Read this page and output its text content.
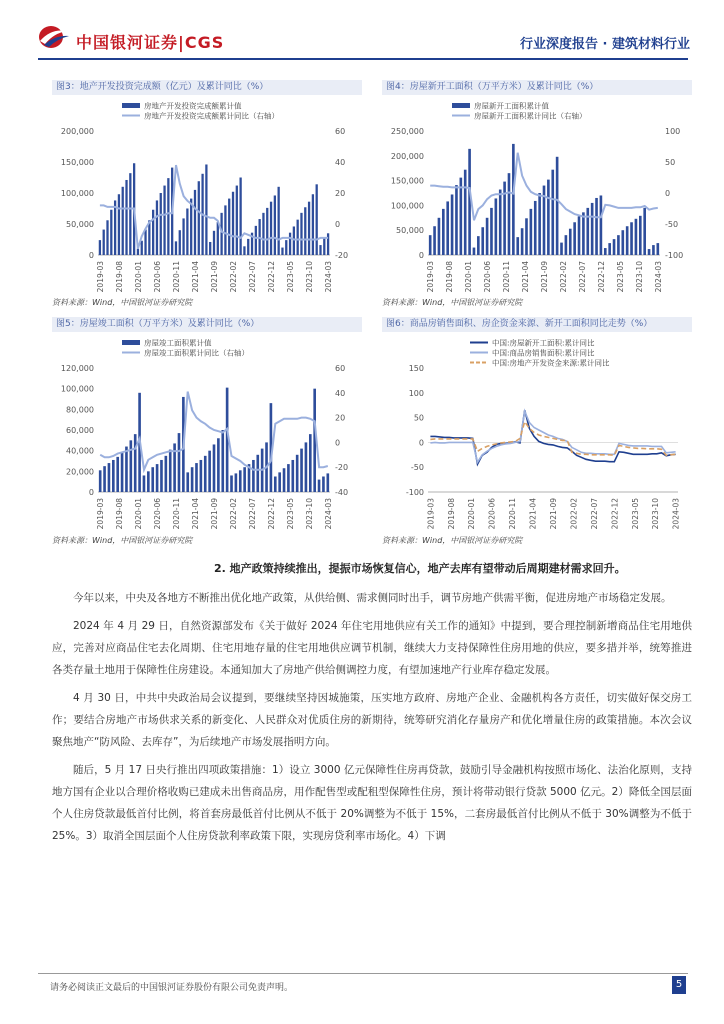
中国银河证券|CGS	行业深度报告 · 建筑材料行业
图3：地产开发投资完成额（亿元）及累计同比（%）
0
50,000
100,000
150,000
200,000
-20
0
20
40
60
2019-03 2019-08 2020-01 2020-06 2020-11 2021-04 2021-09 2022-02 2022-07 2022-12 2023-05 2023-10 2024-03
房地产开发投资完成额累计值
房地产开发投资完成额累计同比（右轴）
资料来源：Wind，中国银河证券研究院
图4：房屋新开工面积（万平方米）及累计同比（%）
0
50,000
100,000
150,000
200,000
250,000
-100
-50
0
50
100
2019-03 2019-08 2020-01 2020-06 2020-11 2021-04 2021-09 2022-02 2022-07 2022-12 2023-05 2023-10 2024-03
房屋新开工面积累计值
房屋新开工面积累计同比（右轴）
资料来源：Wind，中国银河证券研究院
图5：房屋竣工面积（万平方米）及累计同比（%）
0
20,000
40,000
60,000
80,000
100,000
120,000
-40
-20
0
20
40
60
2019-03 2019-08 2020-01 2020-06 2020-11 2021-04 2021-09 2022-02 2022-07 2022-12 2023-05 2023-10 2024-03
房屋竣工面积累计值
房屋竣工面积累计同比（右轴）
资料来源：Wind，中国银河证券研究院
图6：商品房销售面积、房企资金来源、新开工面积同比走势（%）
-100
-50
0
50
100
150
2019-03 2019-08 2020-01 2020-06 2020-11 2021-04 2021-09 2022-02 2022-07 2022-12 2023-05 2023-10 2024-03
中国:房屋新开工面积:累计同比
中国:商品房销售面积:累计同比
中国:房地产开发资金来源:累计同比
资料来源：Wind，中国银河证券研究院
2. 地产政策持续推出，提振市场恢复信心，地产去库有望带动后周期建材需求回升。

今年以来，中央及各地方不断推出优化地产政策，从供给侧、需求侧同时出手，调节房地产供需平衡，促进房地产市场稳定发展。

2024 年 4 月 29 日，自然资源部发布《关于做好 2024 年住宅用地供应有关工作的通知》中提到，要合理控制新增商品住宅用地供应，完善对应商品住宅去化周期、住宅用地存量的住宅用地供应调节机制，继续大力支持保障性住房用地的供应，要多措并举，统筹推进各类存量土地用于保障性住房建设。本通知加大了房地产供给侧调控力度，有望加速地产行业库存稳定发展。

4 月 30 日，中共中央政治局会议提到，要继续坚持因城施策，压实地方政府、房地产企业、金融机构各方责任，切实做好保交房工作；要结合房地产市场供求关系的新变化、人民群众对优质住房的新期待，统筹研究消化存量房产和优化增量住房的政策措施。本次会议聚焦地产“防风险、去库存”，为后续地产市场发展指明方向。

随后，5 月 17 日央行推出四项政策措施：1）设立 3000 亿元保障性住房再贷款，鼓励引导金融机构按照市场化、法治化原则，支持地方国有企业以合理价格收购已建成未出售商品房，用作配售型或配租型保障性住房，预计将带动银行贷款 5000 亿元。2）降低全国层面个人住房贷款最低首付比例，将首套房最低首付比例从不低于 20%调整为不低于 15%，二套房最低首付比例从不低于 30%调整为不低于 25%。3）取消全国层面个人住房贷款利率政策下限，实现房贷利率市场化。4）下调

请务必阅读正文最后的中国银河证券股份有限公司免责声明。	5
